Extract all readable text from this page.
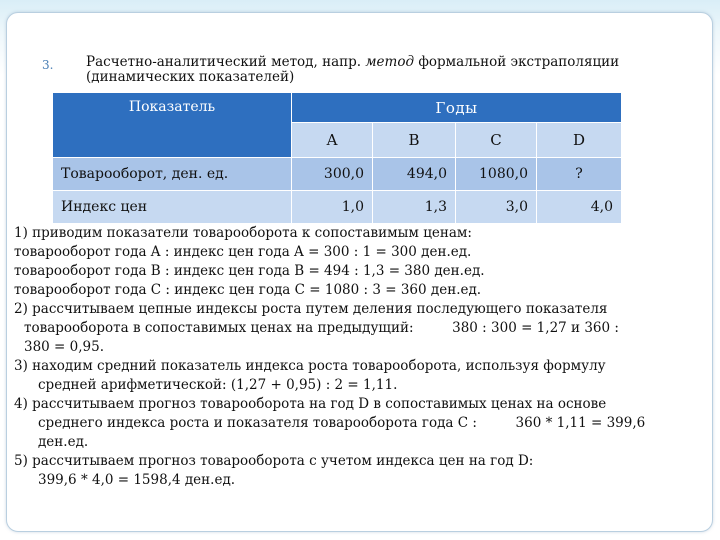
3. Расчетно-аналитический метод, напр. метод формальной экстраполяции
(динамических показателей)
Показатель	Годы			
	A	B	C	D
Товарооборот, ден. ед.	300,0	494,0	1080,0	?
Индекс цен	1,0	1,3	3,0	4,0
1) приводим показатели товарооборота к сопоставимым ценам:
товарооборот года A : индекс цен года A = 300 : 1 = 300 ден.ед.
товарооборот года B : индекс цен года B = 494 : 1,3 = 380 ден.ед.
товарооборот года C : индекс цен года C = 1080 : 3 = 360 ден.ед.
2) рассчитываем цепные индексы роста путем деления последующего показателя
товарооборота в сопоставимых ценах на предыдущий:         380 : 300 = 1,27 и 360 :
380 = 0,95.
3) находим средний показатель индекса роста товарооборота, используя формулу
средней арифметической: (1,27 + 0,95) : 2 = 1,11.
4) рассчитываем прогноз товарооборота на год D в сопоставимых ценах на основе
среднего индекса роста и показателя товарооборота года C :         360 * 1,11 = 399,6
ден.ед.
5) рассчитываем прогноз товарооборота с учетом индекса цен на год D:
399,6 * 4,0 = 1598,4 ден.ед.
